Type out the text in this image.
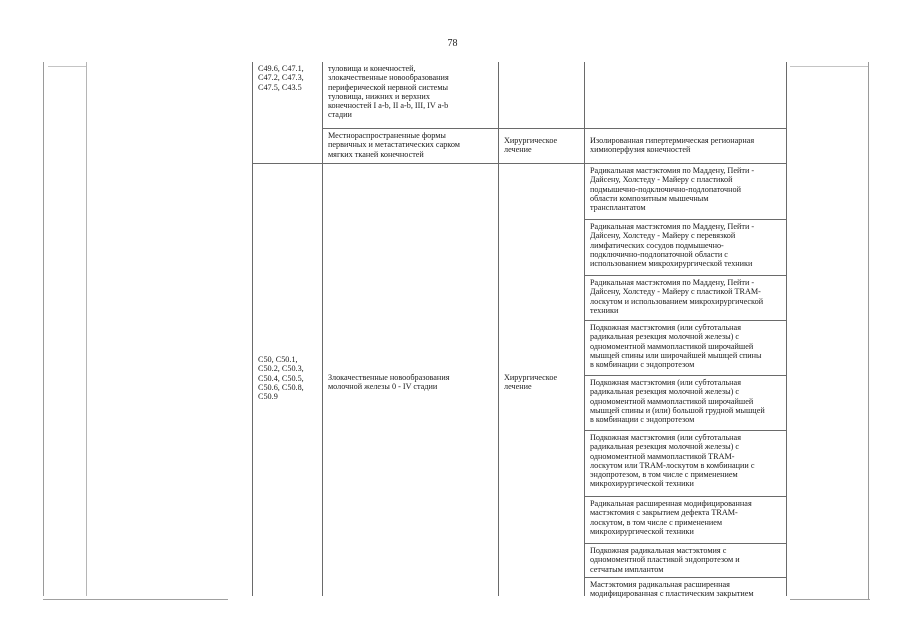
78
C49.6, C47.1,
C47.2, C47.3,
C47.5, C43.5
туловища и конечностей,
злокачественные новообразования
периферической нервной системы
туловища, нижних и верхних
конечностей I a-b, II a-b, III, IV a-b
стадии
Местнораспространенные формы
первичных и метастатических сарком
мягких тканей конечностей
Хирургическое
лечение
Изолированная гипертермическая регионарная
химиоперфузия конечностей
C50, C50.1,
C50.2, C50.3,
C50.4, C50.5,
C50.6, C50.8,
C50.9
Злокачественные новообразования
молочной железы 0 - IV стадии
Хирургическое
лечение
Радикальная мастэктомия по Маддену, Пейти -
Дайсену, Холстеду - Майеру с пластикой
подмышечно-подключично-подлопаточной
области композитным мышечным
трансплантатом
Радикальная мастэктомия по Маддену, Пейти -
Дайсену, Холстеду - Майеру с перевязкой
лимфатических сосудов подмышечно-
подключично-подлопаточной области с
использованием микрохирургической техники
Радикальная мастэктомия по Маддену, Пейти -
Дайсену, Холстеду - Майеру с пластикой TRAM-
лоскутом и использованием микрохирургической
техники
Подкожная мастэктомия (или субтотальная
радикальная резекция молочной железы) с
одномоментной маммопластикой широчайшей
мышцей спины или широчайшей мышцей спины
в комбинации с эндопротезом
Подкожная мастэктомия (или субтотальная
радикальная резекция молочной железы) с
одномоментной маммопластикой широчайшей
мышцей спины и (или) большой грудной мышцей
в комбинации с эндопротезом
Подкожная мастэктомия (или субтотальная
радикальная резекция молочной железы) с
одномоментной маммопластикой TRAM-
лоскутом или TRAM-лоскутом в комбинации с
эндопротезом, в том числе с применением
микрохирургической техники
Радикальная расширенная модифицированная
мастэктомия с закрытием дефекта TRAM-
лоскутом, в том числе с применением
микрохирургической техники
Подкожная радикальная мастэктомия с
одномоментной пластикой эндопротезом и
сетчатым имплантом
Мастэктомия радикальная расширенная
модифицированная с пластическим закрытием
